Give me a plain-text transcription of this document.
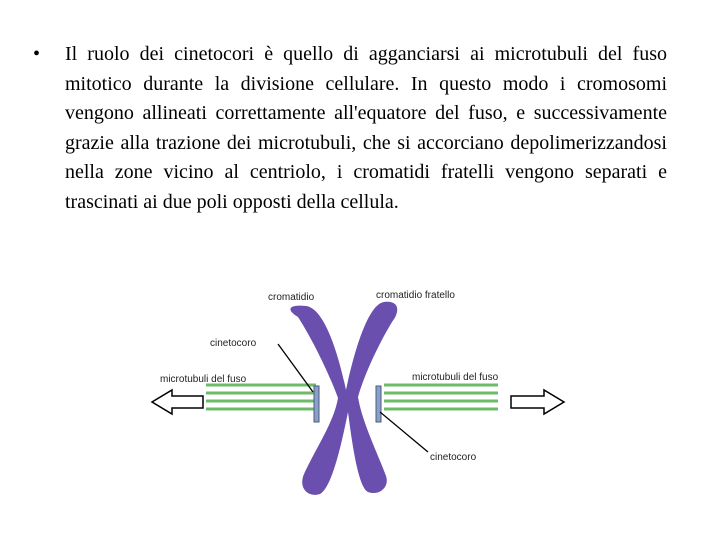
• Il ruolo dei cinetocori è quello di agganciarsi ai microtubuli del fuso mitotico durante la divisione cellulare. In questo modo i cromosomi vengono allineati correttamente all'equatore del fuso, e successivamente grazie alla trazione dei microtubuli, che si accorciano depolimerizzandosi nella zone vicino al centriolo, i cromatidi fratelli vengono separati e trascinati ai due poli opposti della cellula.
cromatidio	cromatidio fratello
cinetocoro
microtubuli del fuso	microtubuli del fuso
cinetocoro
